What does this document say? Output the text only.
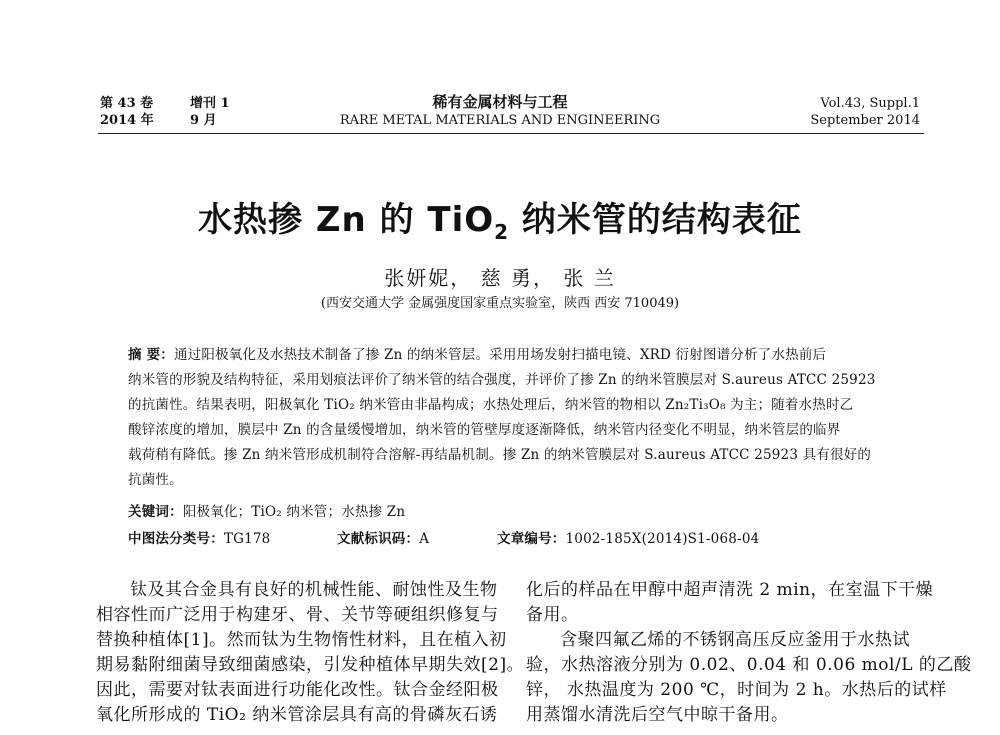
第 43 卷
2014 年
增刊 1
9 月
稀有金属材料与工程
RARE METAL MATERIALS AND ENGINEERING
Vol.43, Suppl.1
September 2014
水热掺 Zn 的 TiO$_2$ 纳米管的结构表征
张妍妮， 慈 勇， 张 兰
(西安交通大学 金属强度国家重点实验室，陕西 西安 710049)
摘 要：通过阳极氧化及水热技术制备了掺 Zn 的纳米管层。采用用场发射扫描电镜、XRD 衍射图谱分析了水热前后
纳米管的形貌及结构特征，采用划痕法评价了纳米管的结合强度，并评价了掺 Zn 的纳米管膜层对 S.aureus ATCC 25923
的抗菌性。结果表明，阳极氧化 TiO₂ 纳米管由非晶构成；水热处理后，纳米管的物相以 Zn₂Ti₃O₈ 为主；随着水热时乙
酸锌浓度的增加，膜层中 Zn 的含量缓慢增加，纳米管的管壁厚度逐渐降低，纳米管内径变化不明显，纳米管层的临界
载荷稍有降低。掺 Zn 纳米管形成机制符合溶解-再结晶机制。掺 Zn 的纳米管膜层对 S.aureus ATCC 25923 具有很好的
抗菌性。
关键词：阳极氧化；TiO₂ 纳米管；水热掺 Zn
中图法分类号：TG178	文献标识码：A	文章编号：1002-185X(2014)S1-068-04
钛及其合金具有良好的机械性能、耐蚀性及生物
相容性而广泛用于构建牙、骨、关节等硬组织修复与
替换种植体[1]。然而钛为生物惰性材料，且在植入初
期易黏附细菌导致细菌感染，引发种植体早期失效[2]。
因此，需要对钛表面进行功能化改性。钛合金经阳极
氧化所形成的 TiO₂ 纳米管涂层具有高的骨磷灰石诱
化后的样品在甲醇中超声清洗 2 min，在室温下干燥
备用。
含聚四氟乙烯的不锈钢高压反应釜用于水热试
验，水热溶液分别为 0.02、0.04 和 0.06 mol/L 的乙酸
锌， 水热温度为 200 ℃，时间为 2 h。水热后的试样
用蒸馏水清洗后空气中晾干备用。
